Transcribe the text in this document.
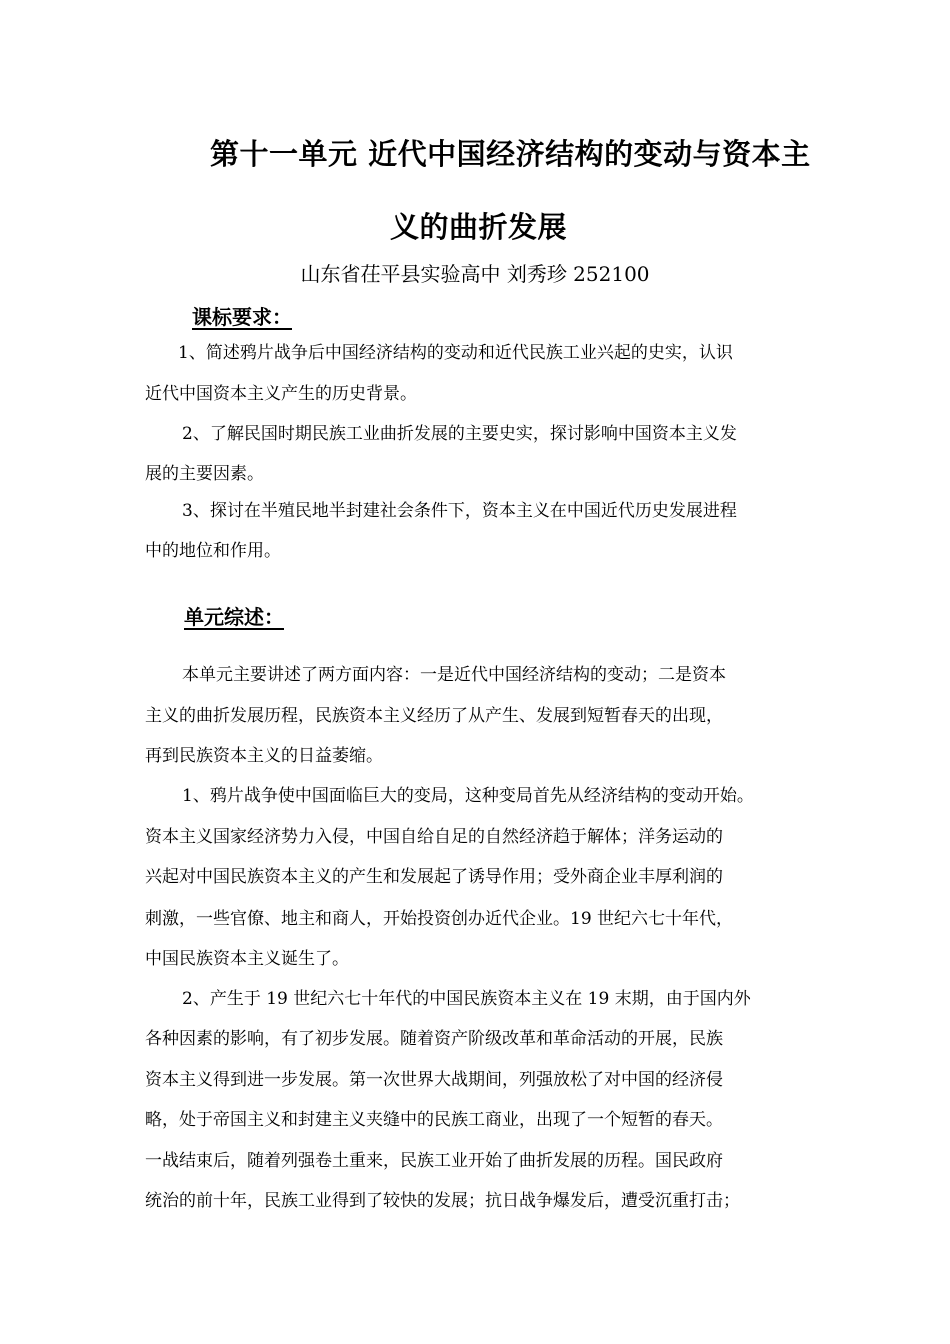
第十一单元 近代中国经济结构的变动与资本主
义的曲折发展
山东省茌平县实验高中 刘秀珍 252100
课标要求：
1、简述鸦片战争后中国经济结构的变动和近代民族工业兴起的史实，认识
近代中国资本主义产生的历史背景。
2、了解民国时期民族工业曲折发展的主要史实，探讨影响中国资本主义发
展的主要因素。
3、探讨在半殖民地半封建社会条件下，资本主义在中国近代历史发展进程
中的地位和作用。
单元综述：
本单元主要讲述了两方面内容：一是近代中国经济结构的变动；二是资本
主义的曲折发展历程，民族资本主义经历了从产生、发展到短暂春天的出现，
再到民族资本主义的日益萎缩。
1、鸦片战争使中国面临巨大的变局，这种变局首先从经济结构的变动开始。
资本主义国家经济势力入侵，中国自给自足的自然经济趋于解体；洋务运动的
兴起对中国民族资本主义的产生和发展起了诱导作用；受外商企业丰厚利润的
刺激，一些官僚、地主和商人，开始投资创办近代企业。19 世纪六七十年代，
中国民族资本主义诞生了。
2、产生于 19 世纪六七十年代的中国民族资本主义在 19 末期，由于国内外
各种因素的影响，有了初步发展。随着资产阶级改革和革命活动的开展，民族
资本主义得到进一步发展。第一次世界大战期间，列强放松了对中国的经济侵
略，处于帝国主义和封建主义夹缝中的民族工商业，出现了一个短暂的春天。
一战结束后，随着列强卷土重来，民族工业开始了曲折发展的历程。国民政府
统治的前十年，民族工业得到了较快的发展；抗日战争爆发后，遭受沉重打击；
